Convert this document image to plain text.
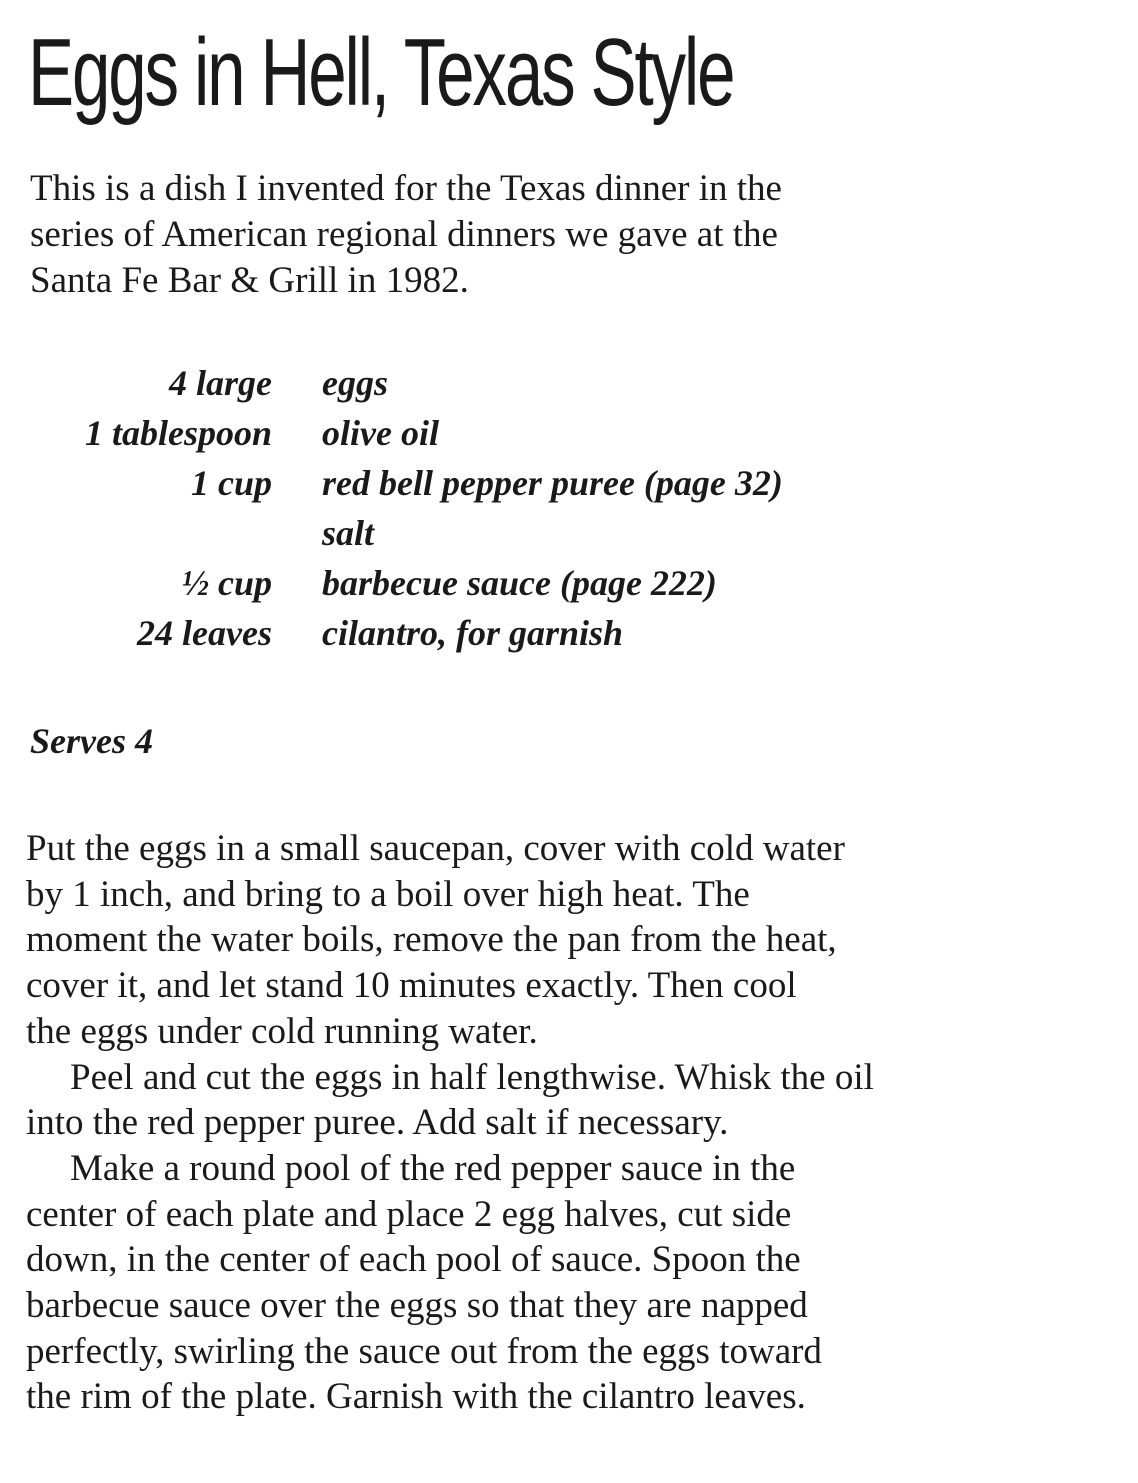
Eggs in Hell, Texas Style

This is a dish I invented for the Texas dinner in the
series of American regional dinners we gave at the
Santa Fe Bar & Grill in 1982.

4 large eggs
1 tablespoon olive oil
1 cup red bell pepper puree (page 32)
salt
½ cup barbecue sauce (page 222)
24 leaves cilantro, for garnish

Serves 4

Put the eggs in a small saucepan, cover with cold water
by 1 inch, and bring to a boil over high heat. The
moment the water boils, remove the pan from the heat,
cover it, and let stand 10 minutes exactly. Then cool
the eggs under cold running water.
Peel and cut the eggs in half lengthwise. Whisk the oil
into the red pepper puree. Add salt if necessary.
Make a round pool of the red pepper sauce in the
center of each plate and place 2 egg halves, cut side
down, in the center of each pool of sauce. Spoon the
barbecue sauce over the eggs so that they are napped
perfectly, swirling the sauce out from the eggs toward
the rim of the plate. Garnish with the cilantro leaves.
